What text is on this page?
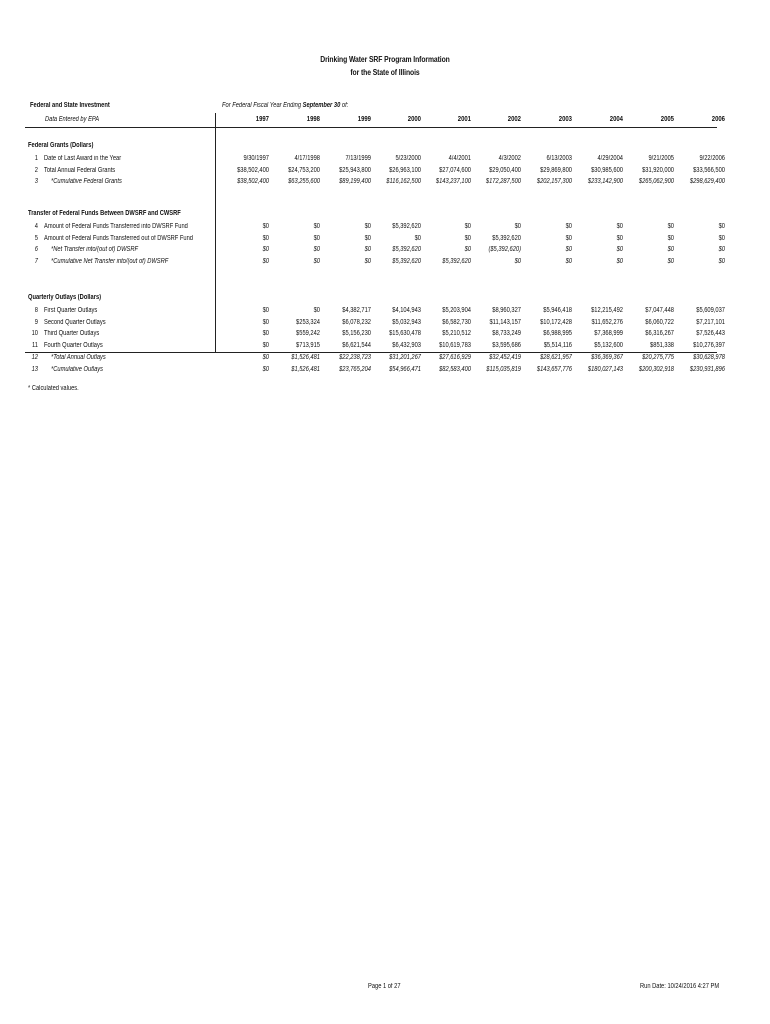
Drinking Water SRF Program Information
for the State of Illinois
Federal and State Investment
Data Entered by EPA
For Federal Fiscal Year Ending September 30 of:
1997	1998	1999	2000	2001	2002	2003	2004	2005	2006
Federal Grants (Dollars)
1 Date of Last Award in the Year	9/30/1997	4/17/1998	7/13/1999	5/23/2000	4/4/2001	4/3/2002	6/13/2003	4/29/2004	9/21/2005	9/22/2006
2 Total Annual Federal Grants	$38,502,400	$24,753,200	$25,943,800	$26,963,100	$27,074,600	$29,050,400	$29,869,800	$30,985,600	$31,920,000	$33,566,500
3 *Cumulative Federal Grants	$38,502,400	$63,255,600	$89,199,400	$116,162,500	$143,237,100	$172,287,500	$202,157,300	$233,142,900	$265,062,900	$298,629,400
Transfer of Federal Funds Between DWSRF and CWSRF
4 Amount of Federal Funds Transferred into DWSRF Fund	$0	$0	$0	$5,392,620	$0	$0	$0	$0	$0	$0
5 Amount of Federal Funds Transferred out of DWSRF Fund	$0	$0	$0	$0	$0	$5,392,620	$0	$0	$0	$0
6 *Net Transfer into/(out of) DWSRF	$0	$0	$0	$5,392,620	$0	($5,392,620)	$0	$0	$0	$0
7 *Cumulative Net Transfer into/(out of) DWSRF	$0	$0	$0	$5,392,620	$5,392,620	$0	$0	$0	$0	$0
Quarterly Outlays (Dollars)
8 First Quarter Outlays	$0	$0	$4,382,717	$4,104,943	$5,203,904	$8,960,327	$5,946,418	$12,215,492	$7,047,448	$5,609,037
9 Second Quarter Outlays	$0	$253,324	$6,078,232	$5,032,943	$6,582,730	$11,143,157	$10,172,428	$11,652,276	$6,060,722	$7,217,101
10 Third Quarter Outlays	$0	$559,242	$5,156,230	$15,630,478	$5,210,512	$8,733,249	$6,988,995	$7,368,999	$6,316,267	$7,526,443
11 Fourth Quarter Outlays	$0	$713,915	$6,621,544	$6,432,903	$10,619,783	$3,595,686	$5,514,116	$5,132,600	$851,338	$10,276,397
12 *Total Annual Outlays	$0	$1,526,481	$22,238,723	$31,201,267	$27,616,929	$32,452,419	$28,621,957	$36,369,367	$20,275,775	$30,628,978
13 *Cumulative Outlays	$0	$1,526,481	$23,765,204	$54,966,471	$82,583,400	$115,035,819	$143,657,776	$180,027,143	$200,302,918	$230,931,896
* Calculated values.
Page 1 of 27	Run Date: 10/24/2016 4:27 PM
